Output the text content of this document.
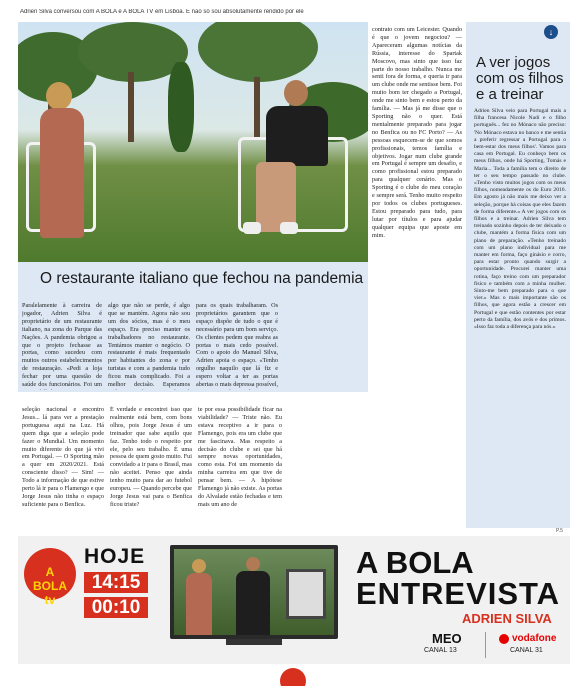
Adrien Silva conversou com A BOLA e A BOLA TV em Lisboa. E não só sou absolutamente rendido por ele
ANTÓNIO AZEVEDO
O restaurante italiano que fechou na pandemia
Paralelamente à carreira de jogador, Adrien Silva é proprietário de um restaurante italiano, na zona do Parque das Nações. A pandemia obrigou a que o projeto fechasse as portas, como sucedeu com muitos outros estabelecimentos de restauração. «Pedi a loja fechar por uma questão de saúde dos funcionários. Foi um
algo que não se perde, é algo que se mantém. Agora não sou um dos sócios, mas é o meu espaço. Era preciso manter os trabalhadores no restaurante. Tentámos manter o negócio. O restaurante é mais frequentado por habitantes do zona e por turistas e com a pandemia tudo ficou mais complicado. Foi a melhor decisão. Esperamos
para os quais trabalharam. Os proprietários garantem que o espaço dispõe de tudo o que é necessário para um bom serviço. Os clientes pedem que reabra as portas o mais cedo possível. Com o apoio do Manuel Silva, Adrien apoia o espaço. «Tenho orgulho naquilo que lá fiz e espero voltar a ter as portas abertas o mais depressa possível,
contrato com um Leicester. Quando é que o jovem negociou? — Apareceram algumas notícias da Rússia, interesse do Spartak Moscovo, mas sinto que isso faz parte do nosso trabalho. Nunca me senti fora de forma, e queria ir para um clube onde me sentisse bem. Foi muito bom ter chegado a Portugal, onde me sinto bem e estou perto da família. — Mas já me disse que o Sporting não o quer. Está mentalmente preparado para jogar no Benfica ou no FC Porto? — As pessoas esquecem-se de que somos profissionais, temos família e objetivos. Jogar num clube grande em Portugal é sempre um desafio, e como profissional estou preparado para qualquer cenário. Mas o Sporting é o clube do meu coração e sempre será. Tenho muito respeito por todos os clubes portugueses. Estou preparado para tudo, para lutar por títulos e para ajudar qualquer equipa que aposte em mim.
seleção nacional e encontro Jesus... lá para ver a prestação portuguesa aqui na Luz. Há quem diga que a seleção pode fazer o Mundial. Um momento muito diferente do que já vivi em Portugal. — O Sporting mão a quer em 2020/2021. Está consciente disso? — Sim! — Todo a informação de que estive perto lá ir para o Flamengo e que Jorge Jesus não tinha o espaço suficiente para o Benfica.
É verdade e encontrei isso que realmente está bem, com bons olhos, pois Jorge Jesus é um treinador que sabe aquilo que faz. Tenho todo o respeito por ele, pelo seu trabalho. É uma pessoa de quem gosto muito. Fui convidado a ir para o Brasil, mas não aceitei. Penso que ainda tenho muito para dar ao futebol europeu. — Quando percebe que Jorge Jesus vai para o Benfica ficou triste?
te por essa possibilidade ficar na viabilidade? — Triste não. Eu estava receptivo a ir para o Flamengo, pois era um clube que me fascinava. Mas respeito a decisão do clube e sei que há sempre novas oportunidades, como esta. Foi um momento da minha carreira em que tive de pensar bem. — A hipótese Flamengo já não existe. As portas do Alvalade estão fechadas e tem mais um ano de
↓
A ver jogos com os filhos e a treinar
Adrien Silva veio para Portugal mais a filha francesa Nicole Nadi e o filho português... fez no Mónaco não preciso: 'No Mónaco estava no banco e me sentia a preferir regressar a Portugal para o bem-estar dos meus filhos'. Vamos para casa em Portugal. Eu conheço bem os meus filhos, onde há Sporting, Tomás e Maria... Toda a família tem o direito de ter o seu tempo passado no clube. «Tenho visto muitos jogos com os meus filhos, nomeadamente os do Euro 2016. Em agosto já não mais me deixo ver a seleção, porque há coisas que eles fazem de forma diferente.» A ver jogos com os filhos e a treinar. Adrien Silva tem treinado sozinho depois de ter deixado o clube, mantém a forma física com um plano de preparação. «Tenho treinado com um plano individual para me manter em forma, faço ginásio e corro, para estar pronto quando surgir a oportunidade. Procurei manter uma rotina, faço treino com um preparador físico e também com a minha mulher. Sinto-me bem preparado para o que vier.» Mas o mais importante são os filhos, que agora estão a crescer em Portugal e que estão contentes por estar perto da família, dos avós e dos primos. «Isso faz toda a diferença para nós.»
P.5
A BOLA tv
HOJE
14:15
00:10
A BOLA
ENTREVISTA
ADRIEN SILVA
MEO
CANAL 13
vodafone
CANAL 31
